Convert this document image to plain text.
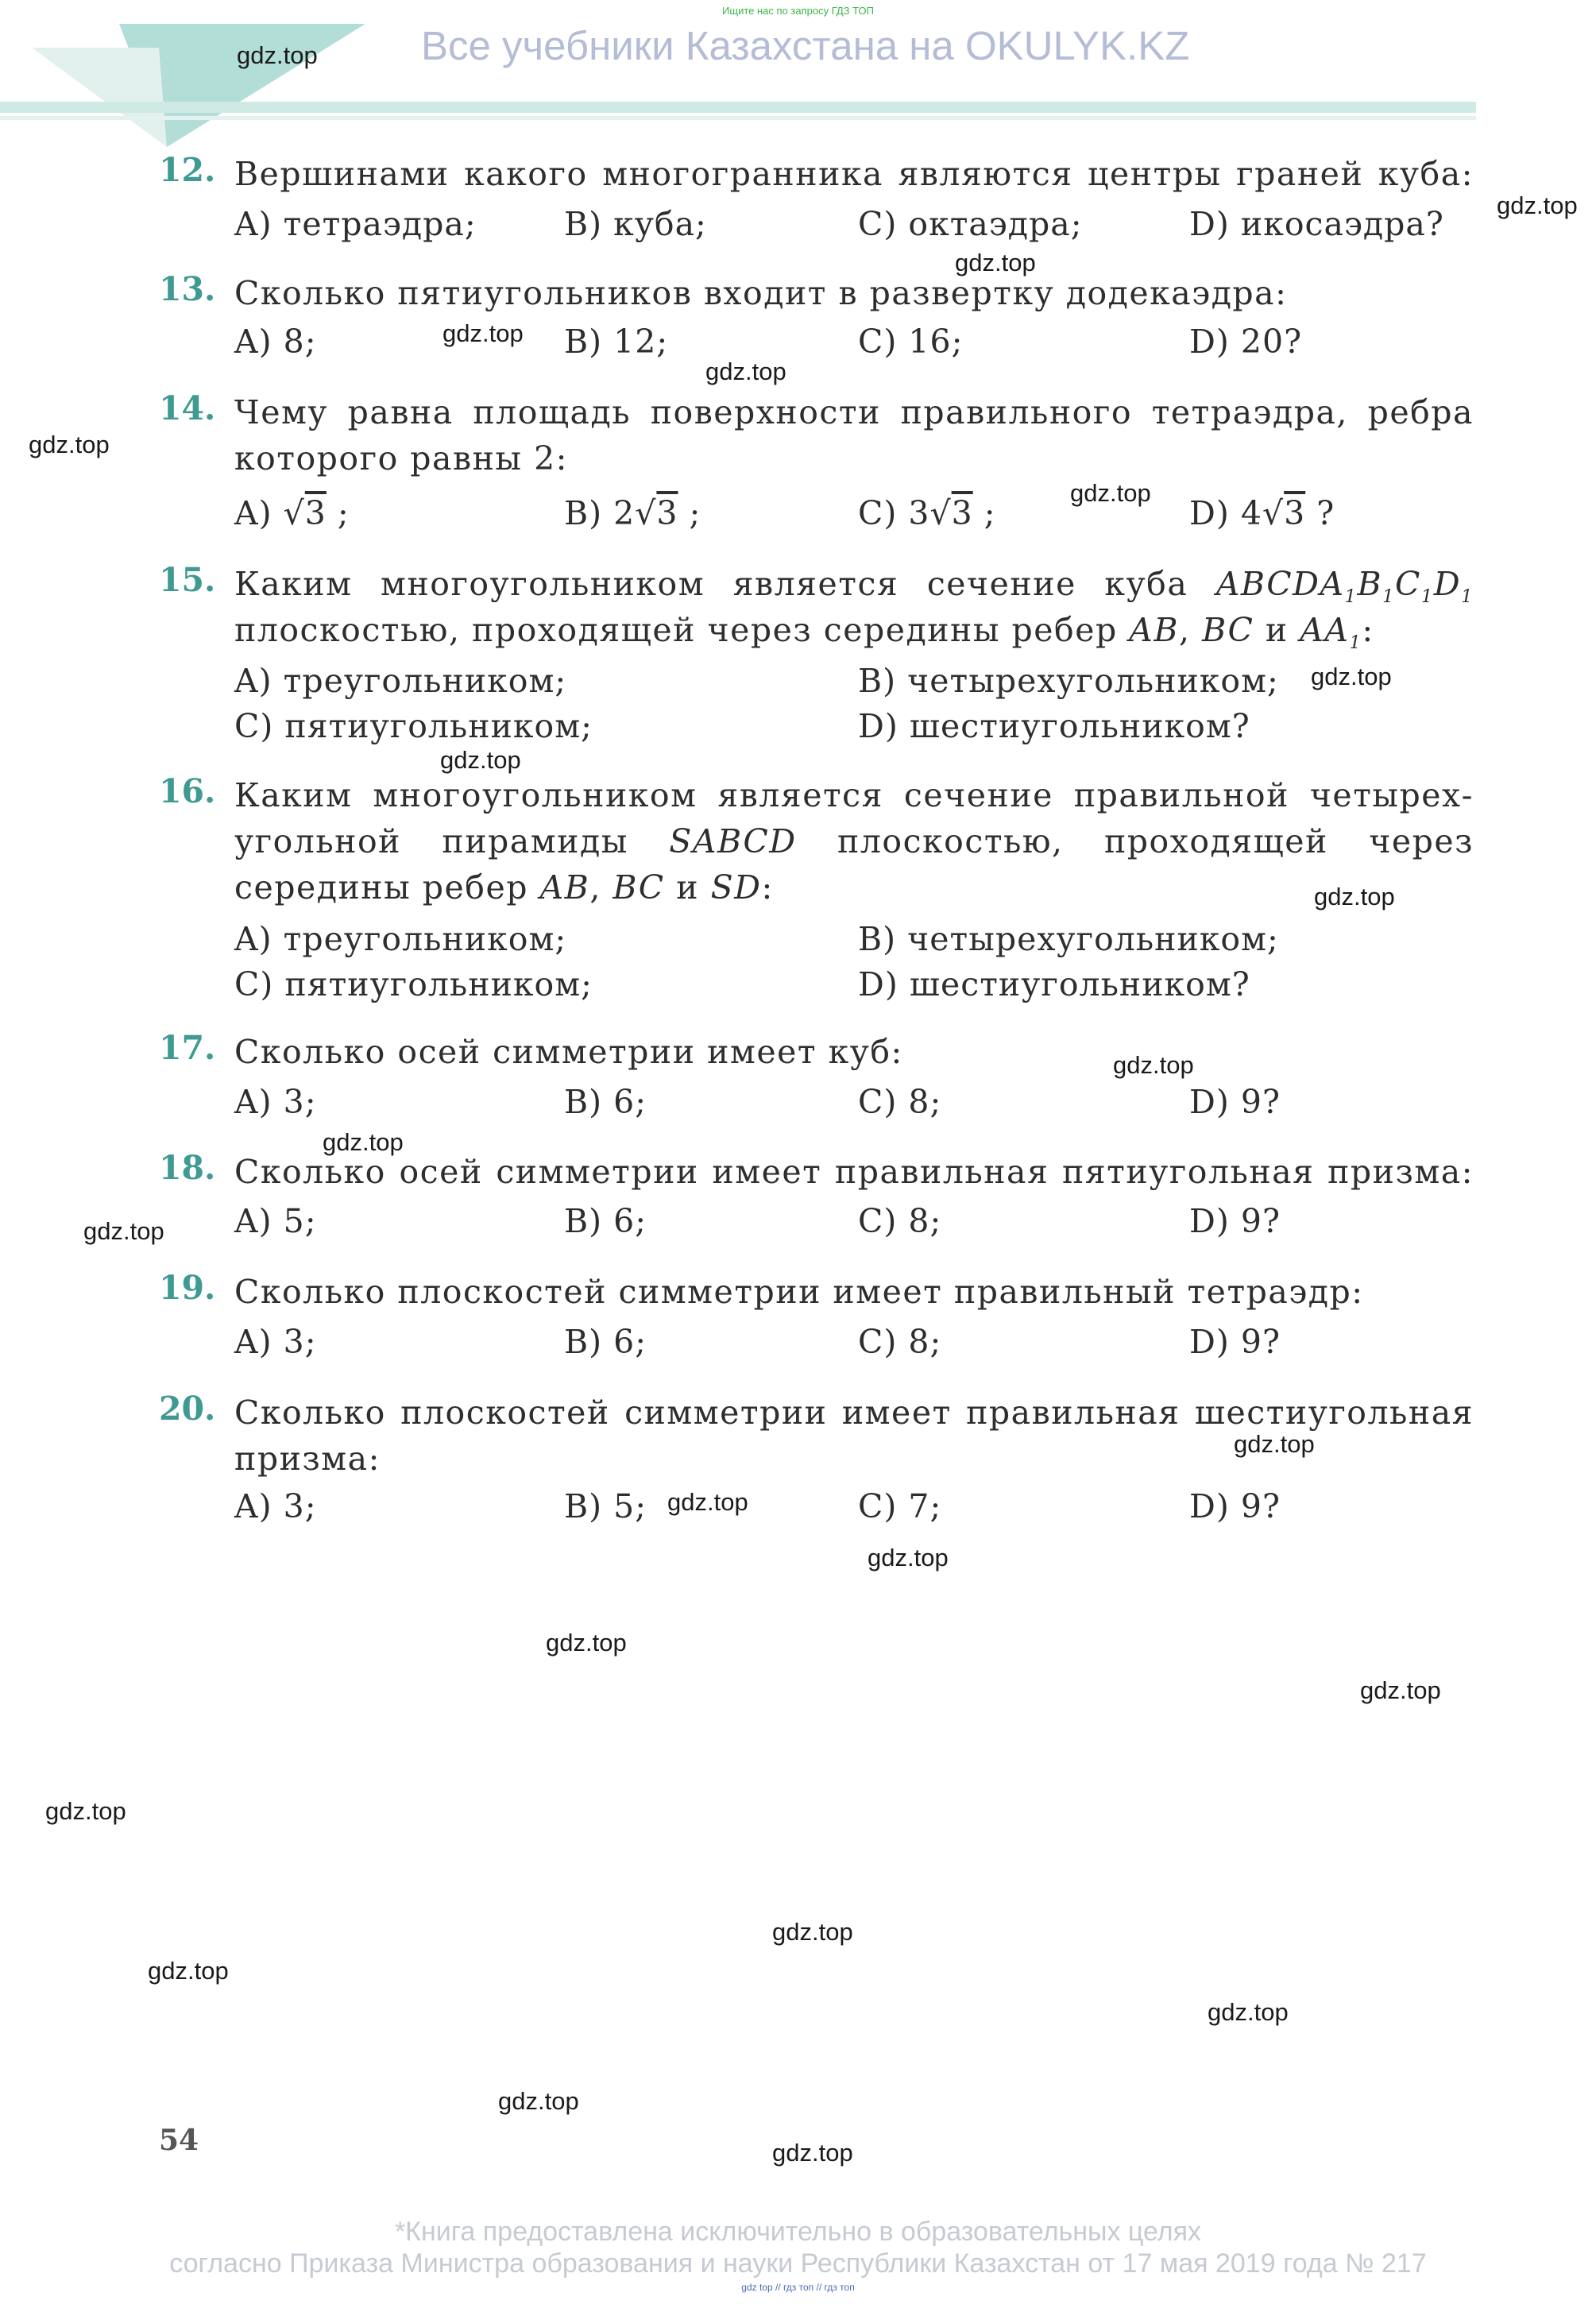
Ищите нас по запросу ГДЗ ТОП
Все учебники Казахстана на OKULYK.KZ
12. Вершинами какого многогранника являются центры граней куба:
A) тетраэдра;	B) куба;	C) октаэдра;	D) икосаэдра?
13. Сколько пятиугольников входит в развертку додекаэдра:
A) 8;	B) 12;	C) 16;	D) 20?
14. Чему равна площадь поверхности правильного тетраэдра, ребра
которого равны 2:
A) √3 ;	B) 2√3 ;	C) 3√3 ;	D) 4√3 ?
15. Каким многоугольником является сечение куба $ABCDA_1B_1C_1D_1$
плоскостью, проходящей через середины ребер AB, BC и $AA_1$:
A) треугольником;	B) четырехугольником;
C) пятиугольником;	D) шестиугольником?
16. Каким многоугольником является сечение правильной четырех-
угольной пирамиды SABCD плоскостью, проходящей через
середины ребер AB, BC и SD:
A) треугольником;	B) четырехугольником;
C) пятиугольником;	D) шестиугольником?
17. Сколько осей симметрии имеет куб:
A) 3;	B) 6;	C) 8;	D) 9?
18. Сколько осей симметрии имеет правильная пятиугольная призма:
A) 5;	B) 6;	C) 8;	D) 9?
19. Сколько плоскостей симметрии имеет правильный тетраэдр:
A) 3;	B) 6;	C) 8;	D) 9?
20. Сколько плоскостей симметрии имеет правильная шестиугольная
призма:
A) 3;	B) 5;	C) 7;	D) 9?
gdz.top
gdz.top
gdz.top
gdz.top
gdz.top
gdz.top
gdz.top
gdz.top
gdz.top
gdz.top
gdz.top
gdz.top
gdz.top
gdz.top
gdz.top
gdz.top
gdz.top
gdz.top
gdz.top
gdz.top
gdz.top
gdz.top
gdz.top
gdz.top
54
*Книга предоставлена исключительно в образовательных целях
согласно Приказа Министра образования и науки Республики Казахстан от 17 мая 2019 года № 217
gdz top // гдз топ // гдз топ
